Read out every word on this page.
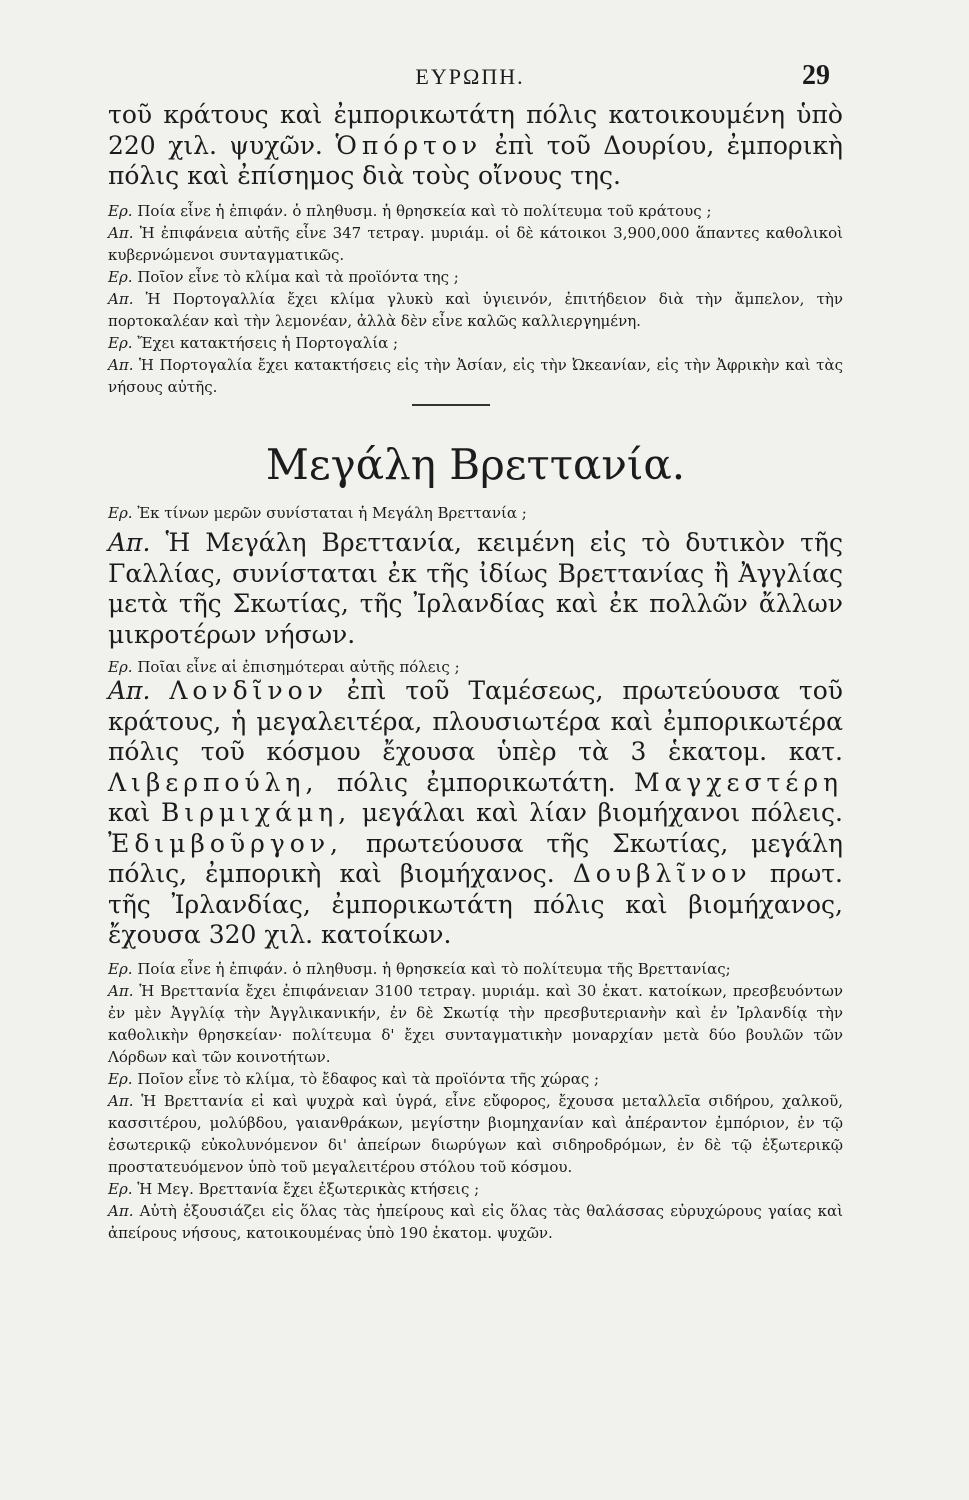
ΕΥΡΩΠΗ.	29

τοῦ κράτους καὶ ἐμπορικωτάτη πόλις κατοικουμένη ὑπὸ 220 χιλ. ψυχῶν. Ὁπόρτον ἐπὶ τοῦ Δουρίου, ἐμπορικὴ πόλις καὶ ἐπίσημος διὰ τοὺς οἴνους της.

Ερ. Ποία εἶνε ἡ ἐπιφάν. ὁ πληθυσμ. ἡ θρησκεία καὶ τὸ πολίτευμα τοῦ κράτους ;

Απ. Ἡ ἐπιφάνεια αὐτῆς εἶνε 347 τετραγ. μυριάμ. οἱ δὲ κάτοικοι 3,900,000 ἅπαντες καθολικοὶ κυβερνώμενοι συνταγματικῶς.

Ερ. Ποῖον εἶνε τὸ κλίμα καὶ τὰ προϊόντα της ;

Απ. Ἡ Πορτογαλλία ἔχει κλίμα γλυκὺ καὶ ὑγιεινόν, ἐπιτήδειον διὰ τὴν ἄμπελον, τὴν πορτοκαλέαν καὶ τὴν λεμονέαν, ἀλλὰ δὲν εἶνε καλῶς καλλιεργημένη.

Ερ. Ἔχει κατακτήσεις ἡ Πορτογαλία ;

Απ. Ἡ Πορτογαλία ἔχει κατακτήσεις εἰς τὴν Ἀσίαν, εἰς τὴν Ὠκεανίαν, εἰς τὴν Ἀφρικὴν καὶ τὰς νήσους αὐτῆς.

Μεγάλη Βρεττανία.

Ερ. Ἐκ τίνων μερῶν συνίσταται ἡ Μεγάλη Βρεττανία ;

Απ. Ἡ Μεγάλη Βρεττανία, κειμένη εἰς τὸ δυτικὸν τῆς Γαλλίας, συνίσταται ἐκ τῆς ἰδίως Βρεττανίας ἢ Ἀγγλίας μετὰ τῆς Σκωτίας, τῆς Ἰρλανδίας καὶ ἐκ πολλῶν ἄλλων μικροτέρων νήσων.

Ερ. Ποῖαι εἶνε αἱ ἐπισημότεραι αὐτῆς πόλεις ;

Απ. Λονδῖνον ἐπὶ τοῦ Ταμέσεως, πρωτεύουσα τοῦ κράτους, ἡ μεγαλειτέρα, πλουσιωτέρα καὶ ἐμπορικωτέρα πόλις τοῦ κόσμου ἔχουσα ὑπὲρ τὰ 3 ἑκατομ. κατ. Λιβερπούλη, πόλις ἐμπορικωτάτη. Μαγχεστέρη καὶ Βιρμιχάμη, μεγάλαι καὶ λίαν βιομήχανοι πόλεις. Ἐδιμβοῦργον, πρωτεύουσα τῆς Σκωτίας, μεγάλη πόλις, ἐμπορικὴ καὶ βιομήχανος. Δουβλῖνον πρωτ. τῆς Ἰρλανδίας, ἐμπορικωτάτη πόλις καὶ βιομήχανος, ἔχουσα 320 χιλ. κατοίκων.

Ερ. Ποία εἶνε ἡ ἐπιφάν. ὁ πληθυσμ. ἡ θρησκεία καὶ τὸ πολίτευμα τῆς Βρεττανίας;

Απ. Ἡ Βρεττανία ἔχει ἐπιφάνειαν 3100 τετραγ. μυριάμ. καὶ 30 ἑκατ. κατοίκων, πρεσβευόντων ἐν μὲν Ἀγγλίᾳ τὴν Ἀγγλικανικήν, ἐν δὲ Σκωτίᾳ τὴν πρεσβυτεριανὴν καὶ ἐν Ἰρλανδίᾳ τὴν καθολικὴν θρησκείαν· πολίτευμα δ' ἔχει συνταγματικὴν μοναρχίαν μετὰ δύο βουλῶν τῶν Λόρδων καὶ τῶν κοινοτήτων.

Ερ. Ποῖον εἶνε τὸ κλίμα, τὸ ἔδαφος καὶ τὰ προϊόντα τῆς χώρας ;

Απ. Ἡ Βρεττανία εἰ καὶ ψυχρὰ καὶ ὑγρά, εἶνε εὔφορος, ἔχουσα μεταλλεῖα σιδήρου, χαλκοῦ, κασσιτέρου, μολύβδου, γαιανθράκων, μεγίστην βιομηχανίαν καὶ ἀπέραντον ἐμπόριον, ἐν τῷ ἐσωτερικῷ εὐκολυνόμενον δι' ἀπείρων διωρύγων καὶ σιδηροδρόμων, ἐν δὲ τῷ ἐξωτερικῷ προστατευόμενον ὑπὸ τοῦ μεγαλειτέρου στόλου τοῦ κόσμου.

Ερ. Ἡ Μεγ. Βρεττανία ἔχει ἐξωτερικὰς κτήσεις ;

Απ. Αὐτὴ ἐξουσιάζει εἰς ὅλας τὰς ἠπείρους καὶ εἰς ὅλας τὰς θαλάσσας εὐρυχώρους γαίας καὶ ἀπείρους νήσους, κατοικουμένας ὑπὸ 190 ἑκατομ. ψυχῶν.
